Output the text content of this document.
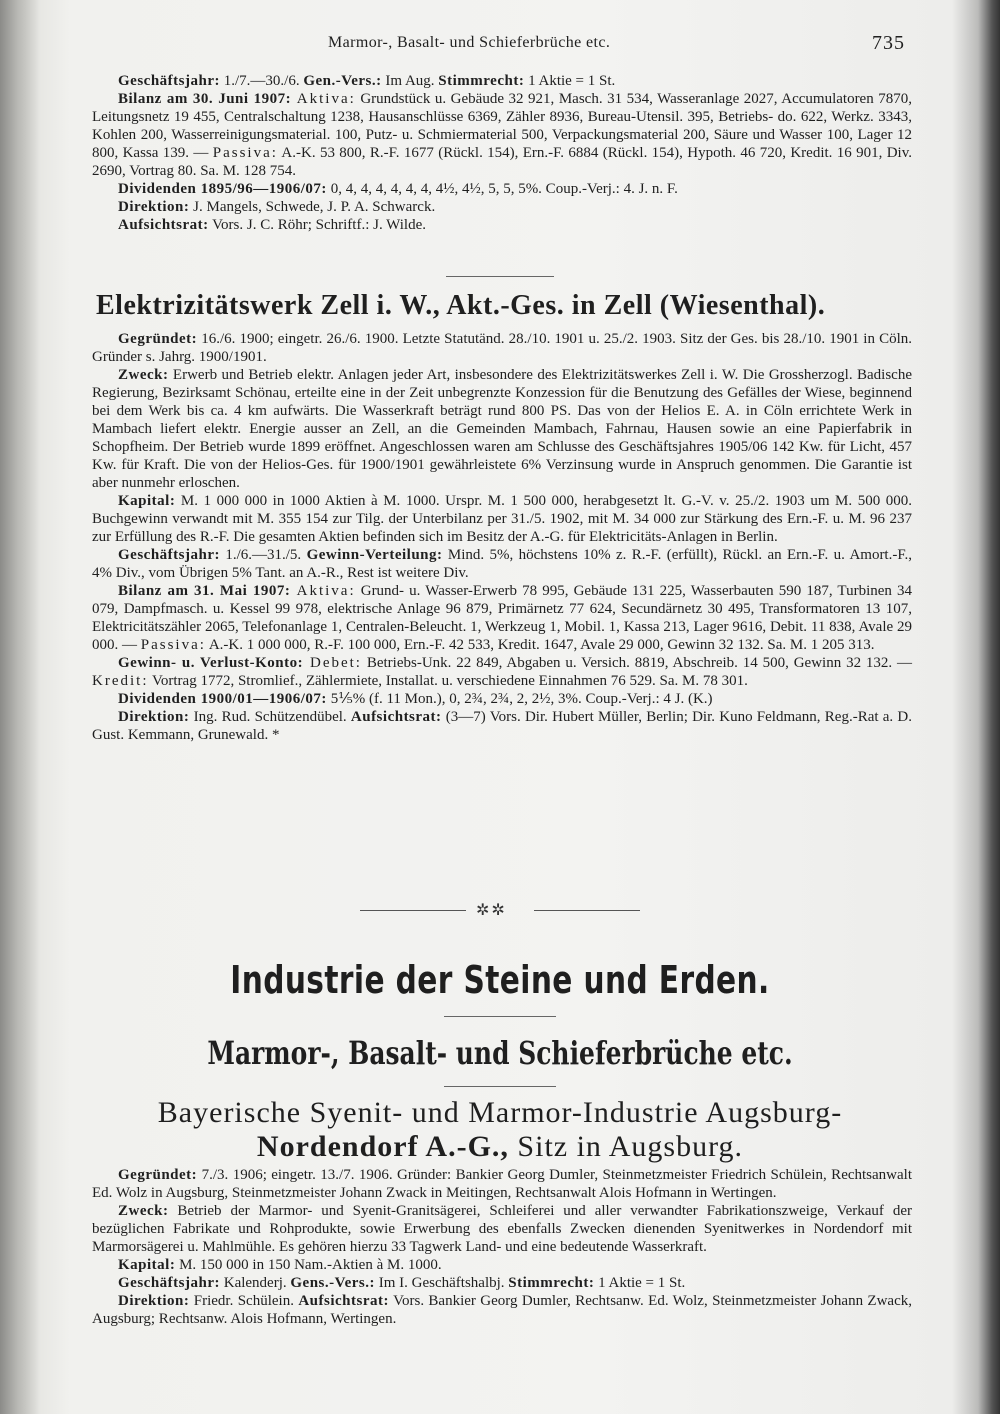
Marmor-, Basalt- und Schieferbrüche etc.	735

Geschäftsjahr: 1./7.—30./6. Gen.-Vers.: Im Aug. Stimmrecht: 1 Aktie = 1 St.

Bilanz am 30. Juni 1907: Aktiva: Grundstück u. Gebäude 32 921, Masch. 31 534, Wasseranlage 2027, Accumulatoren 7870, Leitungsnetz 19 455, Centralschaltung 1238, Hausanschlüsse 6369, Zähler 8936, Bureau-Utensil. 395, Betriebs- do. 622, Werkz. 3343, Kohlen 200, Wasserreinigungsmaterial. 100, Putz- u. Schmiermaterial 500, Verpackungsmaterial 200, Säure und Wasser 100, Lager 12 800, Kassa 139. — Passiva: A.-K. 53 800, R.-F. 1677 (Rückl. 154), Ern.-F. 6884 (Rückl. 154), Hypoth. 46 720, Kredit. 16 901, Div. 2690, Vortrag 80. Sa. M. 128 754.

Dividenden 1895/96—1906/07: 0, 4, 4, 4, 4, 4, 4, 4½, 4½, 5, 5, 5%. Coup.-Verj.: 4. J. n. F.

Direktion: J. Mangels, Schwede, J. P. A. Schwarck.

Aufsichtsrat: Vors. J. C. Röhr; Schriftf.: J. Wilde.

Elektrizitätswerk Zell i. W., Akt.-Ges. in Zell (Wiesenthal).

Gegründet: 16./6. 1900; eingetr. 26./6. 1900. Letzte Statutänd. 28./10. 1901 u. 25./2. 1903. Sitz der Ges. bis 28./10. 1901 in Cöln. Gründer s. Jahrg. 1900/1901.

Zweck: Erwerb und Betrieb elektr. Anlagen jeder Art, insbesondere des Elektrizitätswerkes Zell i. W. Die Grossherzogl. Badische Regierung, Bezirksamt Schönau, erteilte eine in der Zeit unbegrenzte Konzession für die Benutzung des Gefälles der Wiese, beginnend bei dem Werk bis ca. 4 km aufwärts. Die Wasserkraft beträgt rund 800 PS. Das von der Helios E. A. in Cöln errichtete Werk in Mambach liefert elektr. Energie ausser an Zell, an die Gemeinden Mambach, Fahrnau, Hausen sowie an eine Papierfabrik in Schopfheim. Der Betrieb wurde 1899 eröffnet. Angeschlossen waren am Schlusse des Geschäftsjahres 1905/06 142 Kw. für Licht, 457 Kw. für Kraft. Die von der Helios-Ges. für 1900/1901 gewährleistete 6% Verzinsung wurde in Anspruch genommen. Die Garantie ist aber nunmehr erloschen.

Kapital: M. 1 000 000 in 1000 Aktien à M. 1000. Urspr. M. 1 500 000, herabgesetzt lt. G.-V. v. 25./2. 1903 um M. 500 000. Buchgewinn verwandt mit M. 355 154 zur Tilg. der Unterbilanz per 31./5. 1902, mit M. 34 000 zur Stärkung des Ern.-F. u. M. 96 237 zur Erfüllung des R.-F. Die gesamten Aktien befinden sich im Besitz der A.-G. für Elektricitäts-Anlagen in Berlin.

Geschäftsjahr: 1./6.—31./5. Gewinn-Verteilung: Mind. 5%, höchstens 10% z. R.-F. (erfüllt), Rückl. an Ern.-F. u. Amort.-F., 4% Div., vom Übrigen 5% Tant. an A.-R., Rest ist weitere Div.

Bilanz am 31. Mai 1907: Aktiva: Grund- u. Wasser-Erwerb 78 995, Gebäude 131 225, Wasserbauten 590 187, Turbinen 34 079, Dampfmasch. u. Kessel 99 978, elektrische Anlage 96 879, Primärnetz 77 624, Secundärnetz 30 495, Transformatoren 13 107, Elektricitätszähler 2065, Telefonanlage 1, Centralen-Beleucht. 1, Werkzeug 1, Mobil. 1, Kassa 213, Lager 9616, Debit. 11 838, Avale 29 000. — Passiva: A.-K. 1 000 000, R.-F. 100 000, Ern.-F. 42 533, Kredit. 1647, Avale 29 000, Gewinn 32 132. Sa. M. 1 205 313.

Gewinn- u. Verlust-Konto: Debet: Betriebs-Unk. 22 849, Abgaben u. Versich. 8819, Abschreib. 14 500, Gewinn 32 132. — Kredit: Vortrag 1772, Stromlief., Zählermiete, Installat. u. verschiedene Einnahmen 76 529. Sa. M. 78 301.

Dividenden 1900/01—1906/07: 5⅕% (f. 11 Mon.), 0, 2¾, 2¾, 2, 2½, 3%. Coup.-Verj.: 4 J. (K.)

Direktion: Ing. Rud. Schützendübel. Aufsichtsrat: (3—7) Vors. Dir. Hubert Müller, Berlin; Dir. Kuno Feldmann, Reg.-Rat a. D. Gust. Kemmann, Grunewald. *

✲✲
Industrie der Steine und Erden.
Marmor-, Basalt- und Schieferbrüche etc.
Bayerische Syenit- und Marmor-Industrie Augsburg-
Nordendorf A.-G., Sitz in Augsburg.

Gegründet: 7./3. 1906; eingetr. 13./7. 1906. Gründer: Bankier Georg Dumler, Steinmetzmeister Friedrich Schülein, Rechtsanwalt Ed. Wolz in Augsburg, Steinmetzmeister Johann Zwack in Meitingen, Rechtsanwalt Alois Hofmann in Wertingen.

Zweck: Betrieb der Marmor- und Syenit-Granitsägerei, Schleiferei und aller verwandter Fabrikationszweige, Verkauf der bezüglichen Fabrikate und Rohprodukte, sowie Erwerbung des ebenfalls Zwecken dienenden Syenitwerkes in Nordendorf mit Marmorsägerei u. Mahlmühle. Es gehören hierzu 33 Tagwerk Land- und eine bedeutende Wasserkraft.

Kapital: M. 150 000 in 150 Nam.-Aktien à M. 1000.

Geschäftsjahr: Kalenderj. Gens.-Vers.: Im I. Geschäftshalbj. Stimmrecht: 1 Aktie = 1 St.

Direktion: Friedr. Schülein. Aufsichtsrat: Vors. Bankier Georg Dumler, Rechtsanw. Ed. Wolz, Steinmetzmeister Johann Zwack, Augsburg; Rechtsanw. Alois Hofmann, Wertingen.
